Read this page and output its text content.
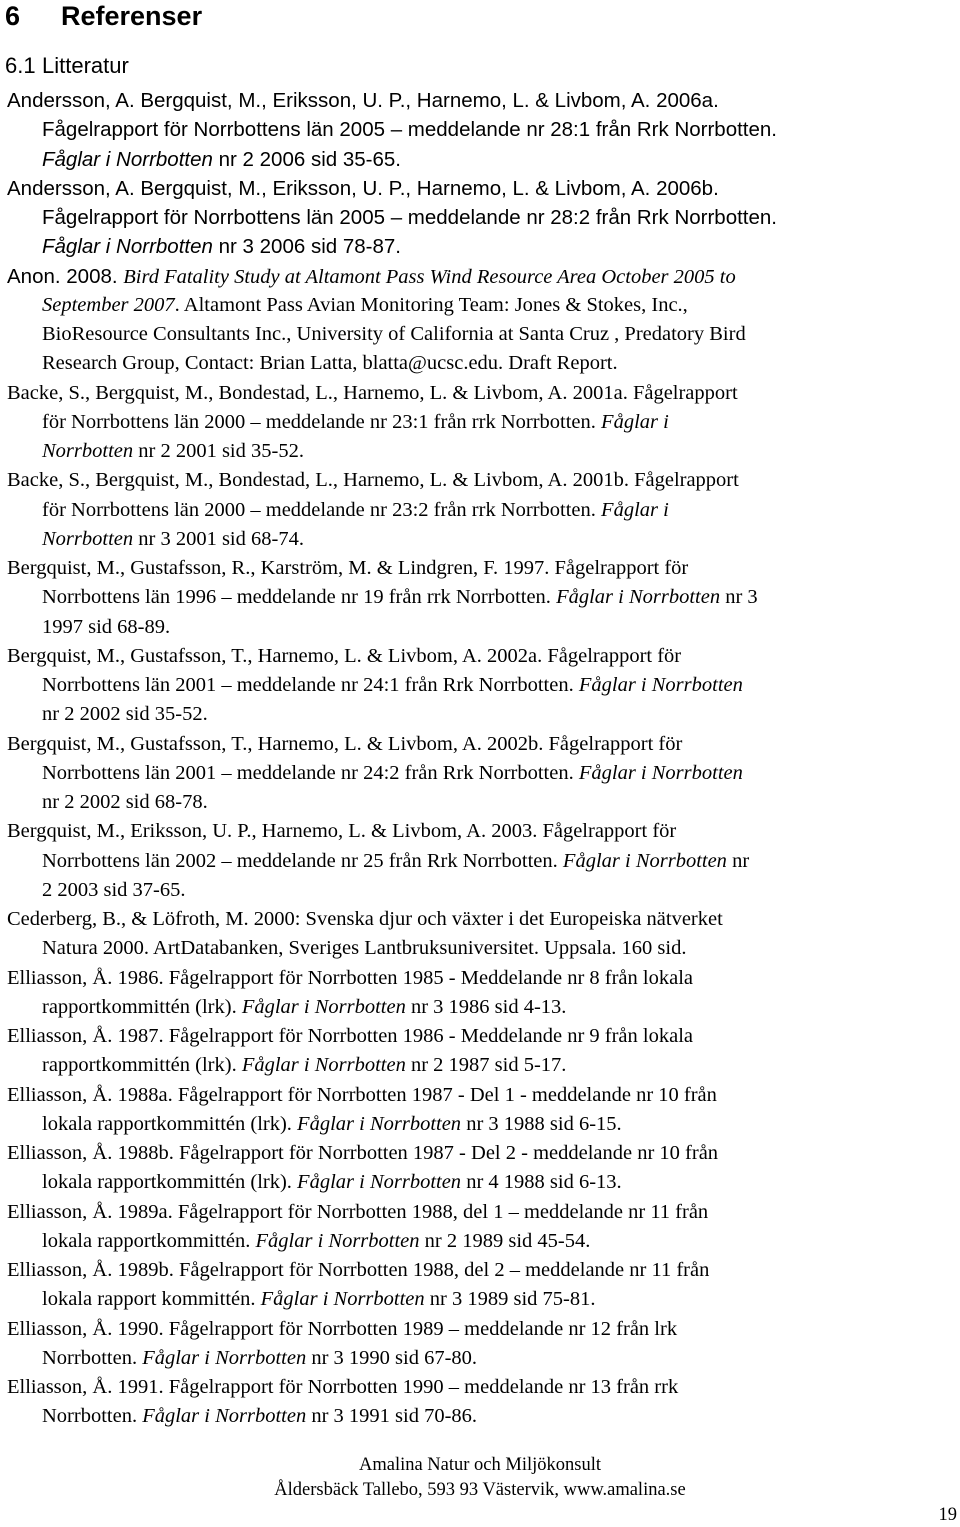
6 Referenser
6.1 Litteratur
Andersson, A. Bergquist, M., Eriksson, U. P., Harnemo, L. & Livbom, A. 2006a.
Fågelrapport för Norrbottens län 2005 – meddelande nr 28:1 från Rrk Norrbotten.
Fåglar i Norrbotten nr 2 2006 sid 35-65.
Andersson, A. Bergquist, M., Eriksson, U. P., Harnemo, L. & Livbom, A. 2006b.
Fågelrapport för Norrbottens län 2005 – meddelande nr 28:2 från Rrk Norrbotten.
Fåglar i Norrbotten nr 3 2006 sid 78-87.
Anon. 2008. Bird Fatality Study at Altamont Pass Wind Resource Area October 2005 to
September 2007. Altamont Pass Avian Monitoring Team: Jones & Stokes, Inc.,
BioResource Consultants Inc., University of California at Santa Cruz , Predatory Bird
Research Group, Contact: Brian Latta, blatta@ucsc.edu. Draft Report.
Backe, S., Bergquist, M., Bondestad, L., Harnemo, L. & Livbom, A. 2001a. Fågelrapport
för Norrbottens län 2000 – meddelande nr 23:1 från rrk Norrbotten. Fåglar i
Norrbotten nr 2 2001 sid 35-52.
Backe, S., Bergquist, M., Bondestad, L., Harnemo, L. & Livbom, A. 2001b. Fågelrapport
för Norrbottens län 2000 – meddelande nr 23:2 från rrk Norrbotten. Fåglar i
Norrbotten nr 3 2001 sid 68-74.
Bergquist, M., Gustafsson, R., Karström, M. & Lindgren, F. 1997. Fågelrapport för
Norrbottens län 1996 – meddelande nr 19 från rrk Norrbotten. Fåglar i Norrbotten nr 3
1997 sid 68-89.
Bergquist, M., Gustafsson, T., Harnemo, L. & Livbom, A. 2002a. Fågelrapport för
Norrbottens län 2001 – meddelande nr 24:1 från Rrk Norrbotten. Fåglar i Norrbotten
nr 2 2002 sid 35-52.
Bergquist, M., Gustafsson, T., Harnemo, L. & Livbom, A. 2002b. Fågelrapport för
Norrbottens län 2001 – meddelande nr 24:2 från Rrk Norrbotten. Fåglar i Norrbotten
nr 2 2002 sid 68-78.
Bergquist, M., Eriksson, U. P., Harnemo, L. & Livbom, A. 2003. Fågelrapport för
Norrbottens län 2002 – meddelande nr 25 från Rrk Norrbotten. Fåglar i Norrbotten nr
2 2003 sid 37-65.
Cederberg, B., & Löfroth, M. 2000: Svenska djur och växter i det Europeiska nätverket
Natura 2000. ArtDatabanken, Sveriges Lantbruksuniversitet. Uppsala. 160 sid.
Elliasson, Å. 1986. Fågelrapport för Norrbotten 1985 - Meddelande nr 8 från lokala
rapportkommittén (lrk). Fåglar i Norrbotten nr 3 1986 sid 4-13.
Elliasson, Å. 1987. Fågelrapport för Norrbotten 1986 - Meddelande nr 9 från lokala
rapportkommittén (lrk). Fåglar i Norrbotten nr 2 1987 sid 5-17.
Elliasson, Å. 1988a. Fågelrapport för Norrbotten 1987 - Del 1 - meddelande nr 10 från
lokala rapportkommittén (lrk). Fåglar i Norrbotten nr 3 1988 sid 6-15.
Elliasson, Å. 1988b. Fågelrapport för Norrbotten 1987 - Del 2 - meddelande nr 10 från
lokala rapportkommittén (lrk). Fåglar i Norrbotten nr 4 1988 sid 6-13.
Elliasson, Å. 1989a. Fågelrapport för Norrbotten 1988, del 1 – meddelande nr 11 från
lokala rapportkommittén. Fåglar i Norrbotten nr 2 1989 sid 45-54.
Elliasson, Å. 1989b. Fågelrapport för Norrbotten 1988, del 2 – meddelande nr 11 från
lokala rapport kommittén. Fåglar i Norrbotten nr 3 1989 sid 75-81.
Elliasson, Å. 1990. Fågelrapport för Norrbotten 1989 – meddelande nr 12 från lrk
Norrbotten. Fåglar i Norrbotten nr 3 1990 sid 67-80.
Elliasson, Å. 1991. Fågelrapport för Norrbotten 1990 – meddelande nr 13 från rrk
Norrbotten. Fåglar i Norrbotten nr 3 1991 sid 70-86.
Amalina Natur och Miljökonsult
Åldersbäck Tallebo, 593 93 Västervik, www.amalina.se
19
